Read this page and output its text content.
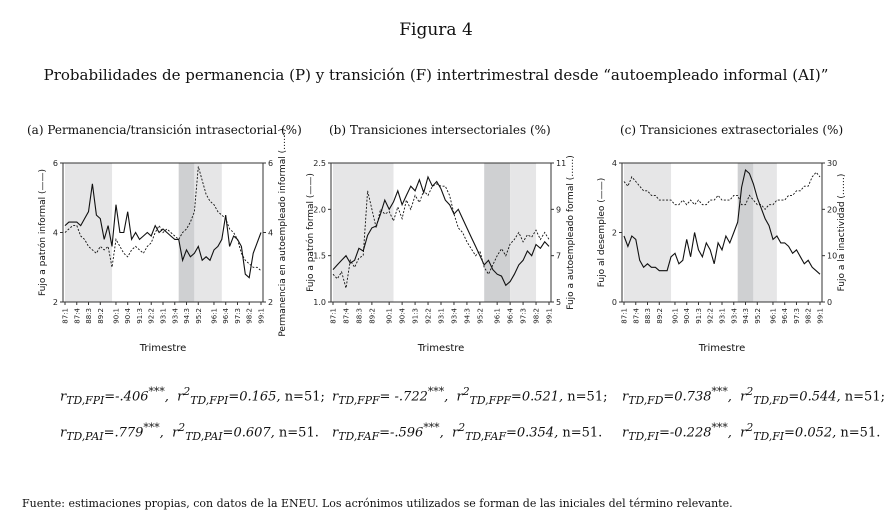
Figura 4
Probabilidades de permanencia (P) y transición (F) intertrimestral desde “autoempleado informal (AI)”
(a) Permanencia/transición intrasectorial (%) (b) Transiciones intersectoriales (%)	(c) Transiciones extrasectoriales (%)
2
4
6
2
4
6
87:1 87:4 88:3 89:2 90:1 90:4 91:3 92:2 93:1 93:4 94:3 95:2 96:1 96:4 97:3 98:2 99:1
Fujo a patrón informal (——)	Permanencia en autoempleado informal (……)
Trimestre
1.0
1.5
2.0
2.5
5
7
9
11
87:1 87:4 88:3 89:2 90:1 90:4 91:3 92:2 93:1 93:4 94:3 95:2 96:1 96:4 97:3 98:2 99:1
Fujo a patrón formal (——)	Fujo a autoempleado formal (……)
Trimestre
0
2
4
0
10
20
30
87:1 87:4 88:3 89:2 90:1 90:4 91:3 92:2 93:1 93:4 94:3 95:2 96:1 96:4 97:3 98:2 99:1
Fujo al desempleo (——)	Fujo a la inactividad (……)
Trimestre
$r_{TD,FPI}=-.406^{***}$,  $r^2_{TD,FPI}=0.165$, n=51;
$r_{TD,PAI}=.779^{***}$,  $r^2_{TD,PAI}=0.607$, n=51.
$r_{TD,FPF}= -.722^{***}$,  $r^2_{TD,FPF}=0.521$, n=51;
$r_{TD,FAF}=-.596^{***}$,  $r^2_{TD,FAF}=0.354$, n=51.
$r_{TD,FD}=0.738^{***}$,  $r^2_{TD,FD}=0.544$, n=51;
$r_{TD,FI}=-0.228^{***}$,  $r^2_{TD,FI}=0.052$, n=51.
Fuente: estimaciones propias, con datos de la ENEU. Los acrónimos utilizados se forman de las iniciales del término relevante.
